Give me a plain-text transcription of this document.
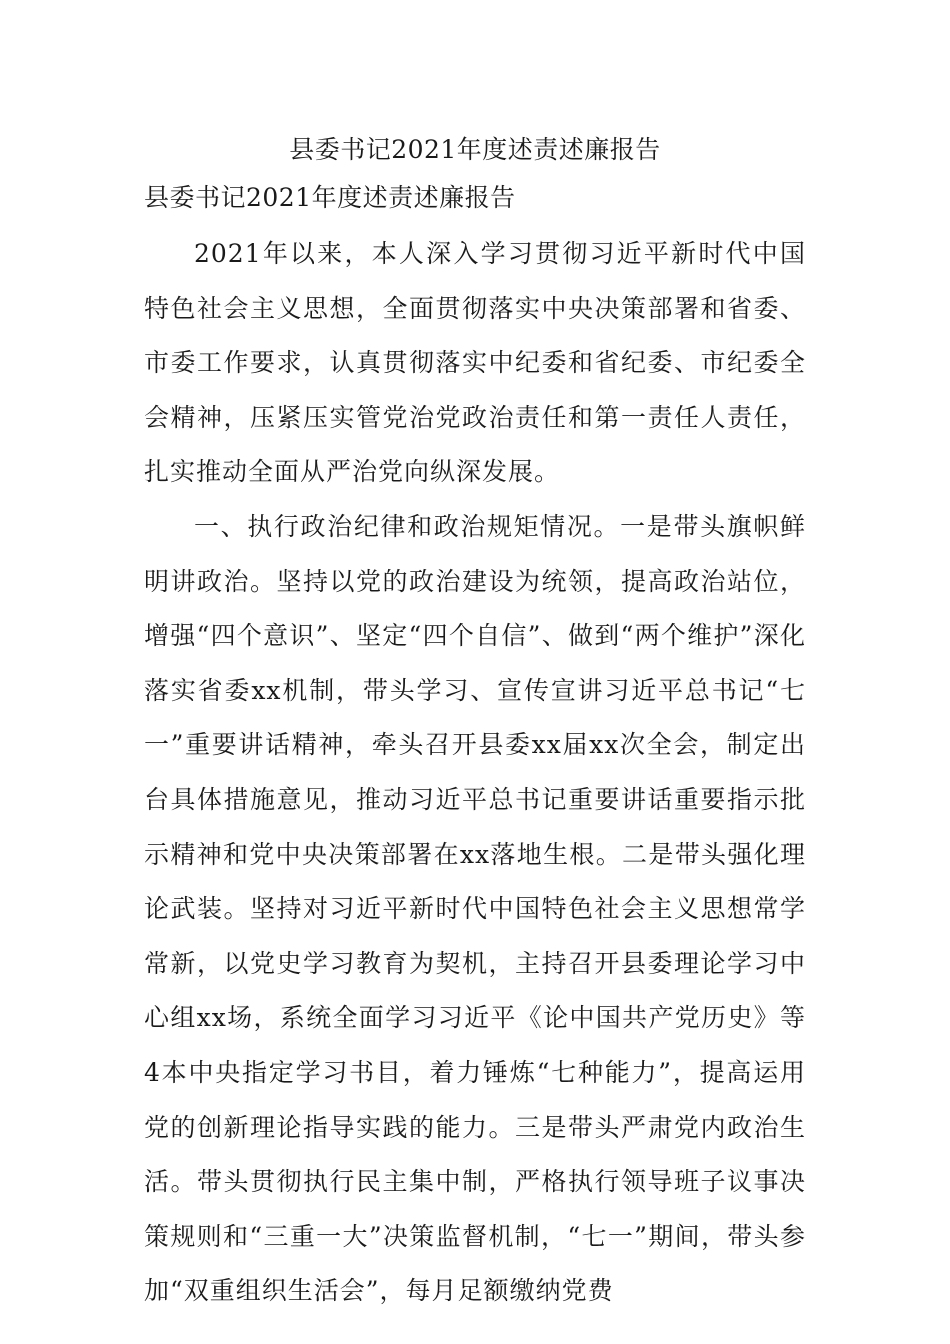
县委书记2021年度述责述廉报告
县委书记2021年度述责述廉报告

2021年以来，本人深入学习贯彻习近平新时代中国特色社会主义思想，全面贯彻落实中央决策部署和省委、市委工作要求，认真贯彻落实中纪委和省纪委、市纪委全会精神，压紧压实管党治党政治责任和第一责任人责任，扎实推动全面从严治党向纵深发展。

一、执行政治纪律和政治规矩情况。一是带头旗帜鲜明讲政治。坚持以党的政治建设为统领，提高政治站位，增强“四个意识”、坚定“四个自信”、做到“两个维护”深化落实省委xx机制，带头学习、宣传宣讲习近平总书记“七一”重要讲话精神，牵头召开县委xx届xx次全会，制定出台具体措施意见，推动习近平总书记重要讲话重要指示批示精神和党中央决策部署在xx落地生根。二是带头强化理论武装。坚持对习近平新时代中国特色社会主义思想常学常新，以党史学习教育为契机，主持召开县委理论学习中心组xx场，系统全面学习习近平《论中国共产党历史》等4本中央指定学习书目，着力锤炼“七种能力”，提高运用党的创新理论指导实践的能力。三是带头严肃党内政治生活。带头贯彻执行民主集中制，严格执行领导班子议事决策规则和“三重一大”决策监督机制，“七一”期间，带头参加“双重组织生活会”，每月足额缴纳党费
